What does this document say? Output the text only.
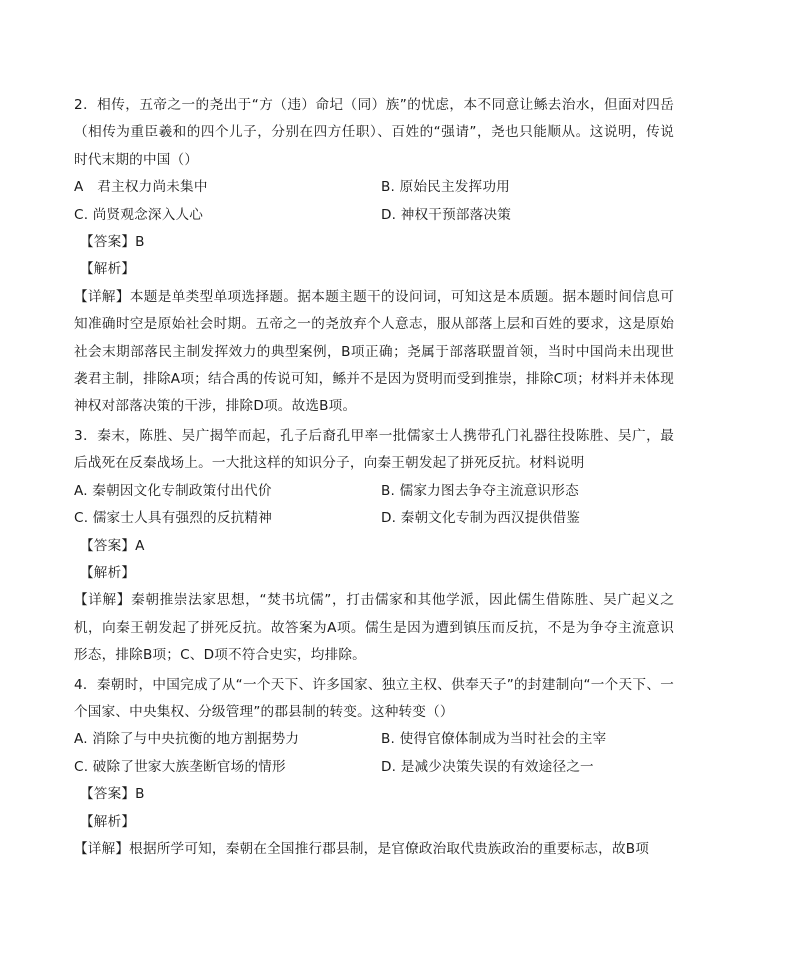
2．相传，五帝之一的尧出于“方（违）命圮（同）族”的忧虑，本不同意让鲧去治水，但面对四岳（相传为重臣羲和的四个儿子，分别在四方任职）、百姓的“强请”，尧也只能顺从。这说明，传说时代末期的中国（）

A　君主权力尚未集中	B. 原始民主发挥功用
C. 尚贤观念深入人心	D. 神权干预部落决策

【答案】B

【解析】

【详解】本题是单类型单项选择题。据本题主题干的设问词，可知这是本质题。据本题时间信息可知准确时空是原始社会时期。五帝之一的尧放弃个人意志，服从部落上层和百姓的要求，这是原始社会末期部落民主制发挥效力的典型案例，B项正确；尧属于部落联盟首领，当时中国尚未出现世袭君主制，排除A项；结合禹的传说可知，鲧并不是因为贤明而受到推崇，排除C项；材料并未体现神权对部落决策的干涉，排除D项。故选B项。

3．秦末，陈胜、吴广揭竿而起，孔子后裔孔甲率一批儒家士人携带孔门礼器往投陈胜、吴广，最后战死在反秦战场上。一大批这样的知识分子，向秦王朝发起了拼死反抗。材料说明

A. 秦朝因文化专制政策付出代价	B. 儒家力图去争夺主流意识形态
C. 儒家士人具有强烈的反抗精神	D. 秦朝文化专制为西汉提供借鉴

【答案】A

【解析】

【详解】秦朝推崇法家思想，“焚书坑儒”，打击儒家和其他学派，因此儒生借陈胜、吴广起义之机，向秦王朝发起了拼死反抗。故答案为A项。儒生是因为遭到镇压而反抗，不是为争夺主流意识形态，排除B项；C、D项不符合史实，均排除。

4．秦朝时，中国完成了从“一个天下、许多国家、独立主权、供奉天子”的封建制向“一个天下、一个国家、中央集权、分级管理”的郡县制的转变。这种转变（）

A. 消除了与中央抗衡的地方割据势力	B. 使得官僚体制成为当时社会的主宰
C. 破除了世家大族垄断官场的情形	D. 是减少决策失误的有效途径之一

【答案】B

【解析】

【详解】根据所学可知，秦朝在全国推行郡县制，是官僚政治取代贵族政治的重要标志，故B项
